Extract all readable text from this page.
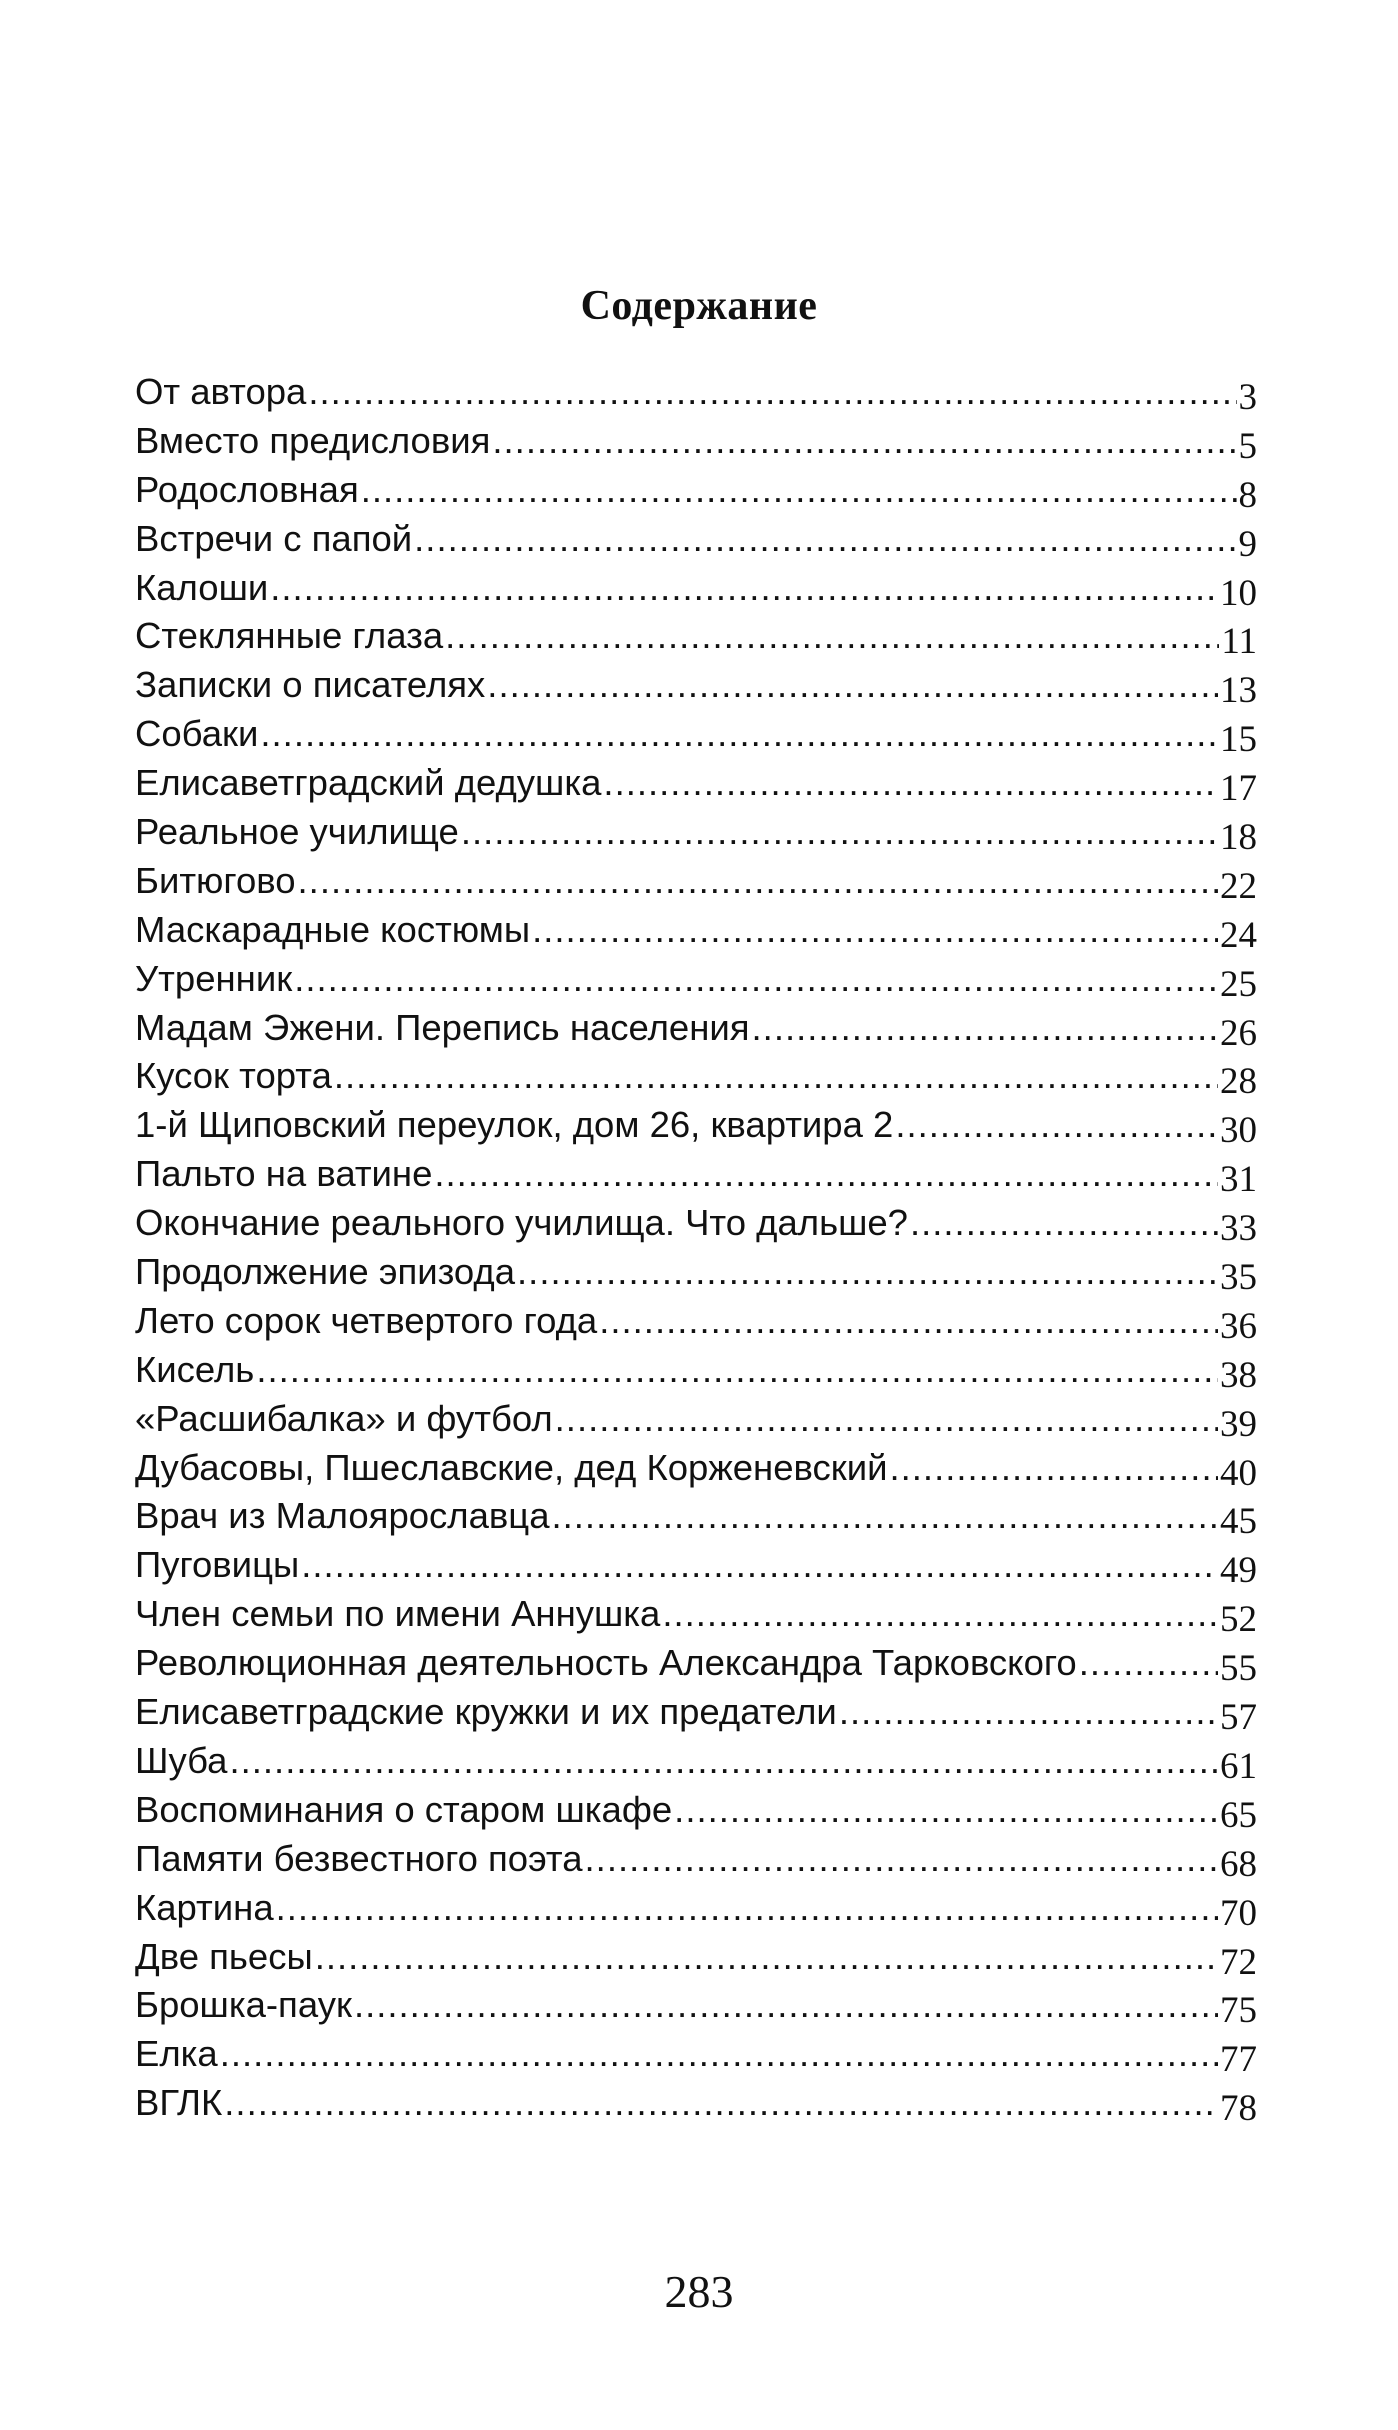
Содержание
От автора .....	3
Вместо предисловия .....	5
Родословная .....	8
Встречи с папой .....	9
Калоши .....	10
Стеклянные глаза .....	11
Записки о писателях .....	13
Собаки .....	15
Елисаветградский дедушка .....	17
Реальное училище .....	18
Битюгово .....	22
Маскарадные костюмы .....	24
Утренник .....	25
Мадам Эжени. Перепись населения .....	26
Кусок торта .....	28
1-й Щиповский переулок, дом 26, квартира 2 .....	30
Пальто на ватине .....	31
Окончание реального училища. Что дальше? .....	33
Продолжение эпизода .....	35
Лето сорок четвертого года .....	36
Кисель .....	38
«Расшибалка» и футбол .....	39
Дубасовы, Пшеславские, дед Корженевский .....	40
Врач из Малоярославца .....	45
Пуговицы .....	49
Член семьи по имени Аннушка .....	52
Революционная деятельность Александра Тарковского .....	55
Елисаветградские кружки и их предатели .....	57
Шуба .....	61
Воспоминания о старом шкафе .....	65
Памяти безвестного поэта .....	68
Картина .....	70
Две пьесы .....	72
Брошка-паук .....	75
Елка .....	77
ВГЛК .....	78
283
